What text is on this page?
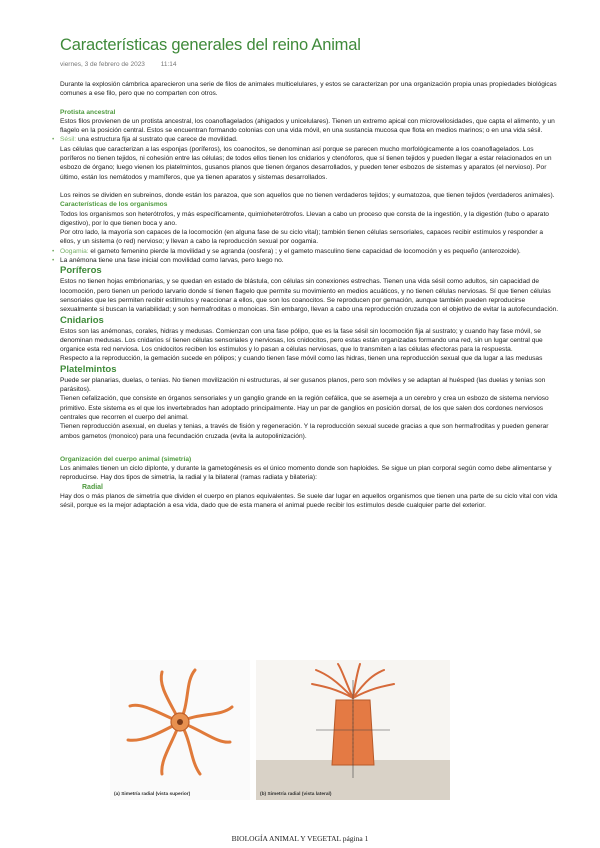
Características generales del reino Animal
viernes, 3 de febrero de 2023 11:14

Durante la explosión cámbrica aparecieron una serie de filos de animales multicelulares, y estos se caracterizan por una organización propia unas propiedades biológicas comunes a ese filo, pero que no comparten con otros.

Protista ancestral

Estos filos provienen de un protista ancestral, los coanoflagelados (ahigados y unicelulares). Tienen un extremo apical con microvellosidades, que capta el alimento, y un flagelo en la posición central. Estos se encuentran formando colonias con una vida móvil, en una sustancia mucosa que flota en medios marinos; o en una vida sésil.

• Sésil: una estructura fija al sustrato que carece de movilidad.

Las células que caracterizan a las esponjas (poríferos), los coanocitos, se denominan así porque se parecen mucho morfológicamente a los coanoflagelados. Los poríferos no tienen tejidos, ni cohesión entre las células; de todos ellos tienen los cnidarios y ctenóforos, que sí tienen tejidos y pueden llegar a estar relacionados en un esbozo de órgano; luego vienen los platelmintos, gusanos planos que tienen órganos desarrollados, y pueden tener esbozos de sistemas y aparatos (el nervioso). Por último, están los nemátodos y mamíferos, que ya tienen aparatos y sistemas desarrollados.

Los reinos se dividen en subreinos, donde están los parazoa, que son aquellos que no tienen verdaderos tejidos; y eumatozoa, que tienen tejidos (verdaderos animales).

Características de los organismos

Todos los organismos son heterótrofos, y más específicamente, quimioheterótrofos. Llevan a cabo un proceso que consta de la ingestión, y la digestión (tubo o aparato digestivo), por lo que tienen boca y ano.

Por otro lado, la mayoría son capaces de la locomoción (en alguna fase de su ciclo vital); también tienen células sensoriales, capaces recibir estímulos y responder a ellos, y un sistema (o red) nervioso; y llevan a cabo la reproducción sexual por oogamia.

• Oogamia: el gameto femenino pierde la movilidad y se agranda (oosfera) ; y el gameto masculino tiene capacidad de locomoción y es pequeño (anterozoide).

• La anémona tiene una fase inicial con movilidad como larvas, pero luego no.

Poríferos

Estos no tienen hojas embrionarias, y se quedan en estado de blástula, con células sin conexiones estrechas. Tienen una vida sésil como adultos, sin capacidad de locomoción, pero tienen un periodo larvario donde sí tienen flagelo que permite su movimiento en medios acuáticos, y no tienen células nerviosas. Sí que tienen células sensoriales que les permiten recibir estímulos y reaccionar a ellos, que son los coanocitos. Se reproducen por gemación, aunque también pueden reproducirse sexualmente si buscan la variabilidad; y son hermafroditas o monoicas. Sin embargo, llevan a cabo una reproducción cruzada con el objetivo de evitar la autofecundación.

Cnidarios

Estos son las anémonas, corales, hidras y medusas. Comienzan con una fase pólipo, que es la fase sésil sin locomoción fija al sustrato; y cuando hay fase móvil, se denominan medusas. Los cnidarios sí tienen células sensoriales y nerviosas, los cnidocitos, pero estas están organizadas formando una red, sin un lugar central que organice esta red nerviosa. Los cnidocitos reciben los estímulos y lo pasan a células nerviosas, que lo transmiten a las células efectoras para la respuesta.

Respecto a la reproducción, la gemación sucede en pólipos; y cuando tienen fase móvil como las hidras, tienen una reproducción sexual que da lugar a las medusas

Platelmintos

Puede ser planarias, duelas, o tenias. No tienen movilización ni estructuras, al ser gusanos planos, pero son móviles y se adaptan al huésped (las duelas y tenias son parásitos).

Tienen cefalización, que consiste en órganos sensoriales y un ganglio grande en la región cefálica, que se asemeja a un cerebro y crea un esbozo de sistema nervioso primitivo. Este sistema es el que los invertebrados han adoptado principalmente. Hay un par de ganglios en posición dorsal, de los que salen dos cordones nerviosos centrales que recorren el cuerpo del animal.

Tienen reproducción asexual, en duelas y tenias, a través de fisión y regeneración. Y la reproducción sexual sucede gracias a que son hermafroditas y pueden generar ambos gametos (monoico) para una fecundación cruzada (evita la autopolinización).

Organización del cuerpo animal (simetría)

Los animales tienen un ciclo diplonte, y durante la gametogénesis es el único momento donde son haploides. Se sigue un plan corporal según como debe alimentarse y reproducirse. Hay dos tipos de simetría, la radial y la bilateral (ramas radiata y bilateria):

Radial

Hay dos o más planos de simetría que dividen el cuerpo en planos equivalentes. Se suele dar lugar en aquellos organismos que tienen una parte de su ciclo vital con vida sésil, porque es la mejor adaptación a esa vida, dado que de esta manera el animal puede recibir los estímulos desde cualquier parte del exterior.

(a) Simetría radial (vista superior)	(b) Simetría radial (vista lateral)
BIOLOGÍA ANIMAL Y VEGETAL página 1
